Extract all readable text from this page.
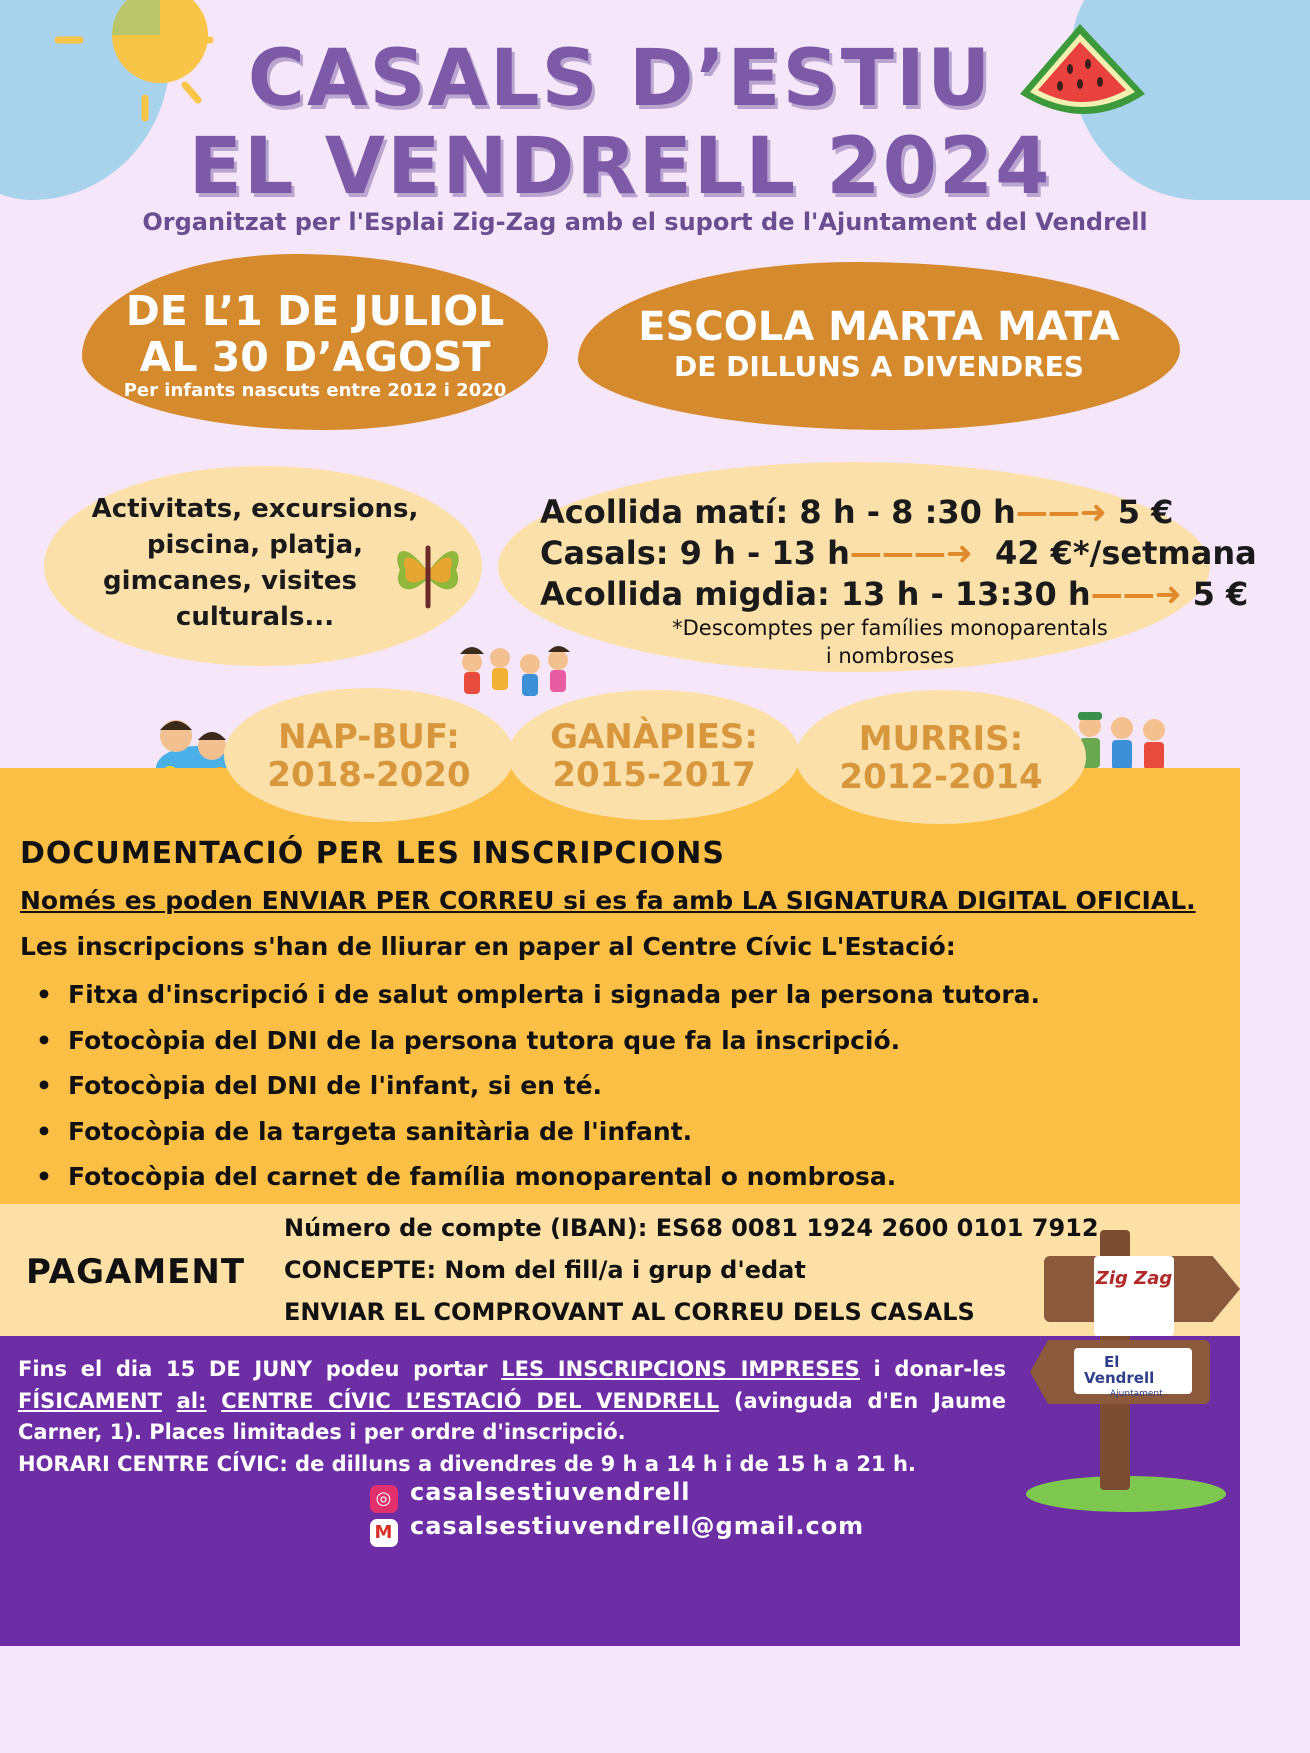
CASALS D’ESTIU
EL VENDRELL 2024
Organitzat per l'Esplai Zig-Zag amb el suport de l'Ajuntament del Vendrell
DE L’1 DE JULIOL
AL 30 D’AGOST
Per infants nascuts entre 2012 i 2020
ESCOLA MARTA MATA
DE DILLUNS A DIVENDRES
Activitats, excursions,
piscina, platja,
gimcanes, visites
culturals...
Acollida matí: 8 h - 8 :30 h——➜ 5 €
Casals: 9 h - 13 h———➜ 42 €*/setmana
Acollida migdia: 13 h - 13:30 h——➜ 5 €
*Descomptes per famílies monoparentals
i nombroses
NAP-BUF:
2018-2020
GANÀPIES:
2015-2017
MURRIS:
2012-2014
DOCUMENTACIÓ PER LES INSCRIPCIONS
Només es poden ENVIAR PER CORREU si es fa amb LA SIGNATURA DIGITAL OFICIAL.
Les inscripcions s'han de lliurar en paper al Centre Cívic L'Estació:
• Fitxa d'inscripció i de salut omplerta i signada per la persona tutora.
• Fotocòpia del DNI de la persona tutora que fa la inscripció.
• Fotocòpia del DNI de l'infant, si en té.
• Fotocòpia de la targeta sanitària de l'infant.
• Fotocòpia del carnet de família monoparental o nombrosa.
PAGAMENT
Número de compte (IBAN): ES68 0081 1924 2600 0101 7912
CONCEPTE: Nom del fill/a i grup d'edat
ENVIAR EL COMPROVANT AL CORREU DELS CASALS
Fins el dia 15 DE JUNY podeu portar LES INSCRIPCIONS IMPRESES i donar-les FÍSICAMENT al: CENTRE CÍVIC L’ESTACIÓ DEL VENDRELL (avinguda d'En Jaume Carner, 1). Places limitades i per ordre d'inscripció.
HORARI CENTRE CÍVIC: de dilluns a divendres de 9 h a 14 h i de 15 h a 21 h.
◎ casalsestiuvendrell
M casalsestiuvendrell@gmail.com
Zig Zag
El Vendrell
Ajuntament
